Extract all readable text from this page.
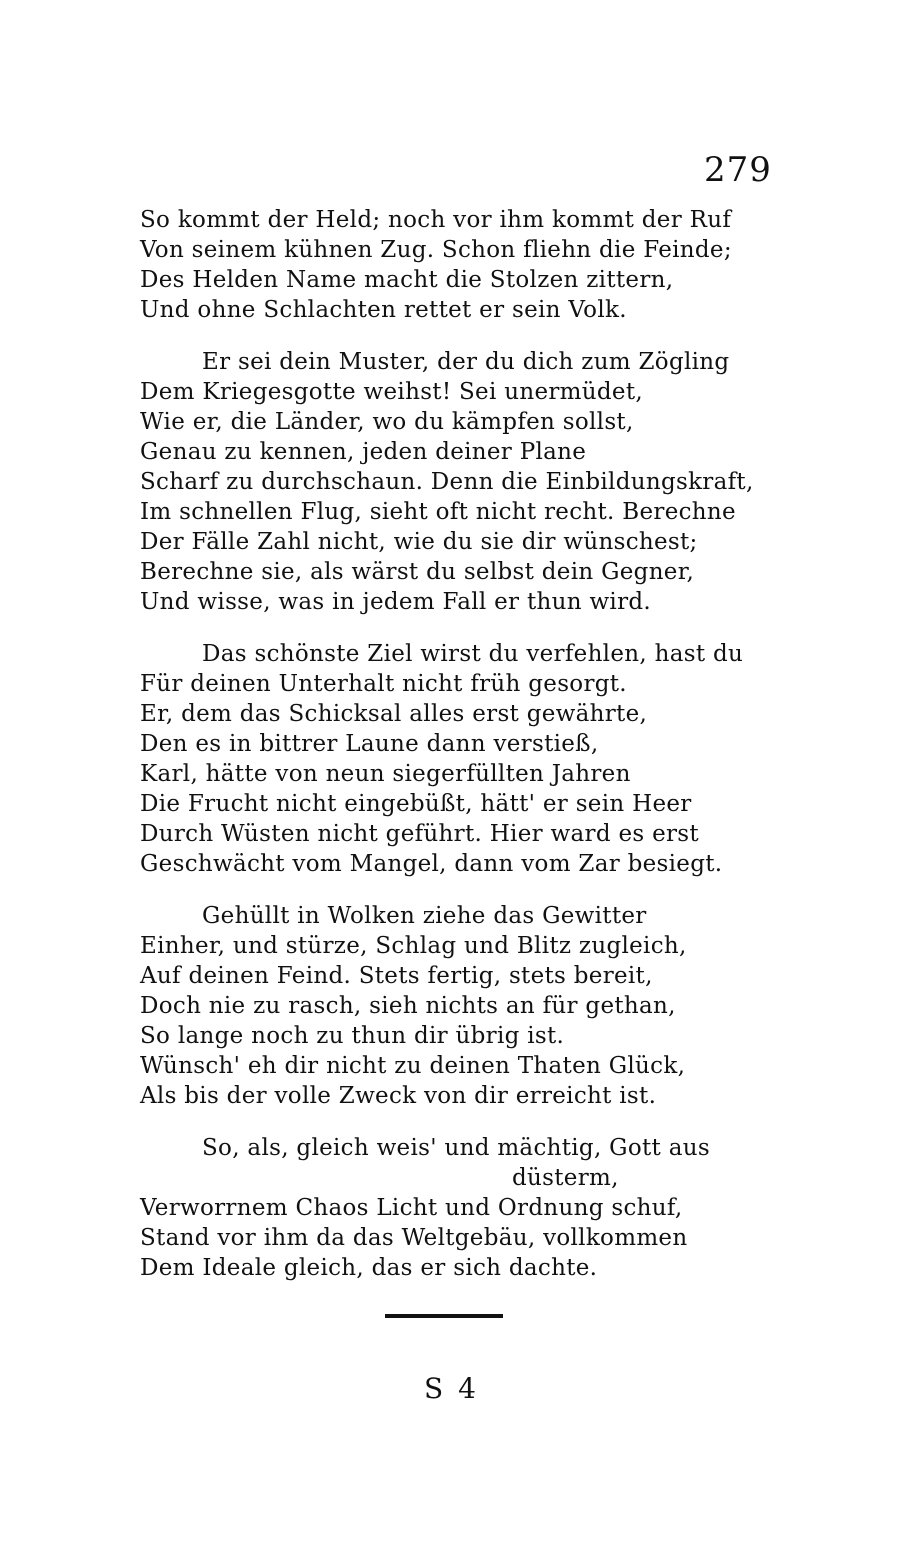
279
So kommt der Held; noch vor ihm kommt der Ruf
Von seinem kühnen Zug. Schon fliehn die Feinde;
Des Helden Name macht die Stolzen zittern,
Und ohne Schlachten rettet er sein Volk.
Er sei dein Muster, der du dich zum Zögling
Dem Kriegesgotte weihst! Sei unermüdet,
Wie er, die Länder, wo du kämpfen sollst,
Genau zu kennen, jeden deiner Plane
Scharf zu durchschaun. Denn die Einbildungskraft,
Im schnellen Flug, sieht oft nicht recht. Berechne
Der Fälle Zahl nicht, wie du sie dir wünschest;
Berechne sie, als wärst du selbst dein Gegner,
Und wisse, was in jedem Fall er thun wird.
Das schönste Ziel wirst du verfehlen, hast du
Für deinen Unterhalt nicht früh gesorgt.
Er, dem das Schicksal alles erst gewährte,
Den es in bittrer Laune dann verstieß,
Karl, hätte von neun siegerfüllten Jahren
Die Frucht nicht eingebüßt, hätt' er sein Heer
Durch Wüsten nicht geführt. Hier ward es erst
Geschwächt vom Mangel, dann vom Zar besiegt.
Gehüllt in Wolken ziehe das Gewitter
Einher, und stürze, Schlag und Blitz zugleich,
Auf deinen Feind. Stets fertig, stets bereit,
Doch nie zu rasch, sieh nichts an für gethan,
So lange noch zu thun dir übrig ist.
Wünsch' eh dir nicht zu deinen Thaten Glück,
Als bis der volle Zweck von dir erreicht ist.
So, als, gleich weis' und mächtig, Gott aus
düsterm,
Verworrnem Chaos Licht und Ordnung schuf,
Stand vor ihm da das Weltgebäu, vollkommen
Dem Ideale gleich, das er sich dachte.
S 4
